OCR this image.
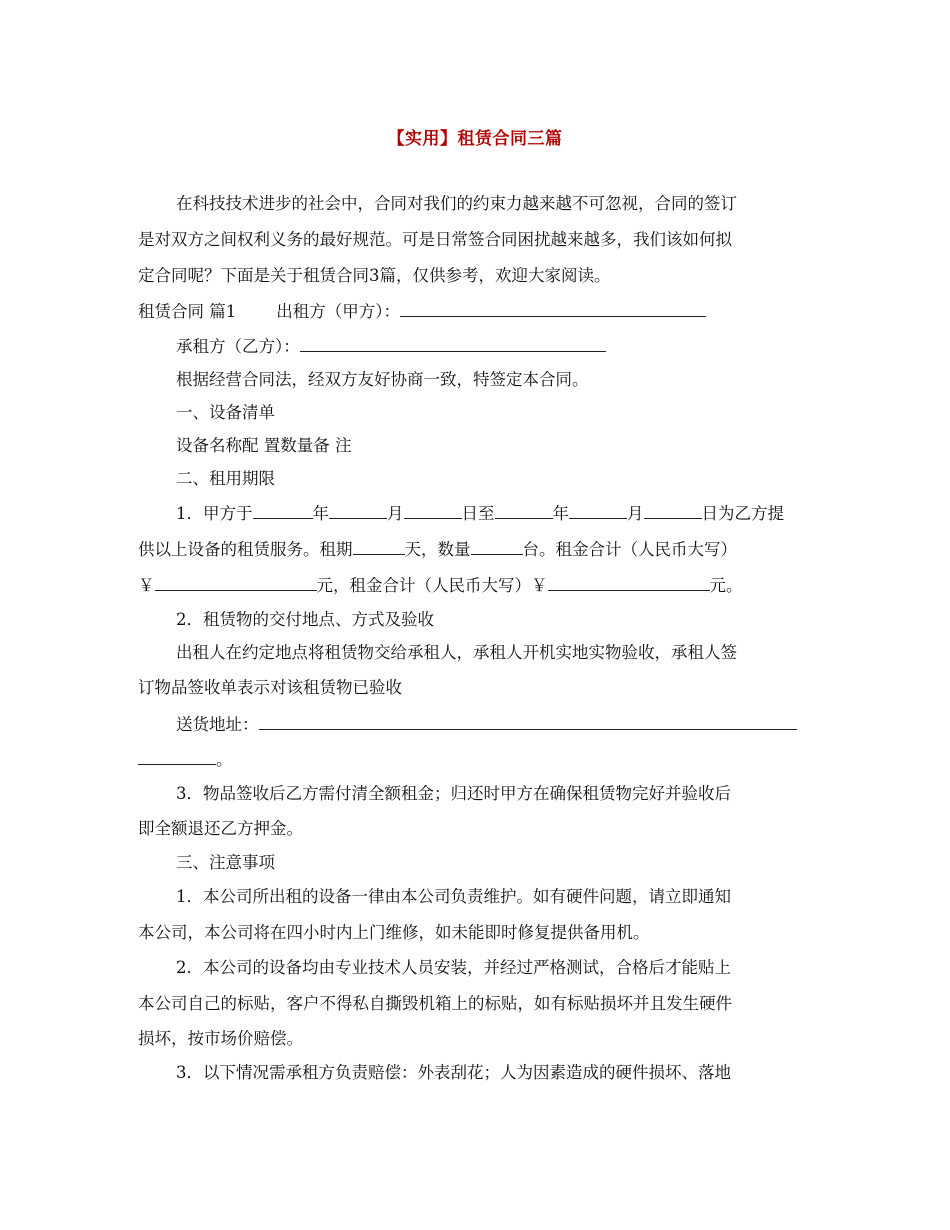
【实用】租赁合同三篇
在科技技术进步的社会中，合同对我们的约束力越来越不可忽视，合同的签订
是对双方之间权利义务的最好规范。可是日常签合同困扰越来越多，我们该如何拟
定合同呢？下面是关于租赁合同3篇，仅供参考，欢迎大家阅读。
租赁合同 篇1 出租方（甲方）：
承租方（乙方）：
根据经营合同法，经双方友好协商一致，特签定本合同。
一、设备清单
设备名称配 置数量备 注
二、租用期限
1．甲方于	年	月	日至	年	月	日为乙方提
供以上设备的租赁服务。租期	天，数量	台。租金合计（人民币大写）
￥	元，租金合计（人民币大写）￥	元。
2．租赁物的交付地点、方式及验收
出租人在约定地点将租赁物交给承租人，承租人开机实地实物验收，承租人签
订物品签收单表示对该租赁物已验收
送货地址：
。
3．物品签收后乙方需付清全额租金；归还时甲方在确保租赁物完好并验收后
即全额退还乙方押金。
三、注意事项
1．本公司所出租的设备一律由本公司负责维护。如有硬件问题，请立即通知
本公司，本公司将在四小时内上门维修，如未能即时修复提供备用机。
2．本公司的设备均由专业技术人员安装，并经过严格测试，合格后才能贴上
本公司自己的标贴，客户不得私自撕毁机箱上的标贴，如有标贴损坏并且发生硬件
损坏，按市场价赔偿。
3．以下情况需承租方负责赔偿：外表刮花；人为因素造成的硬件损坏、落地
